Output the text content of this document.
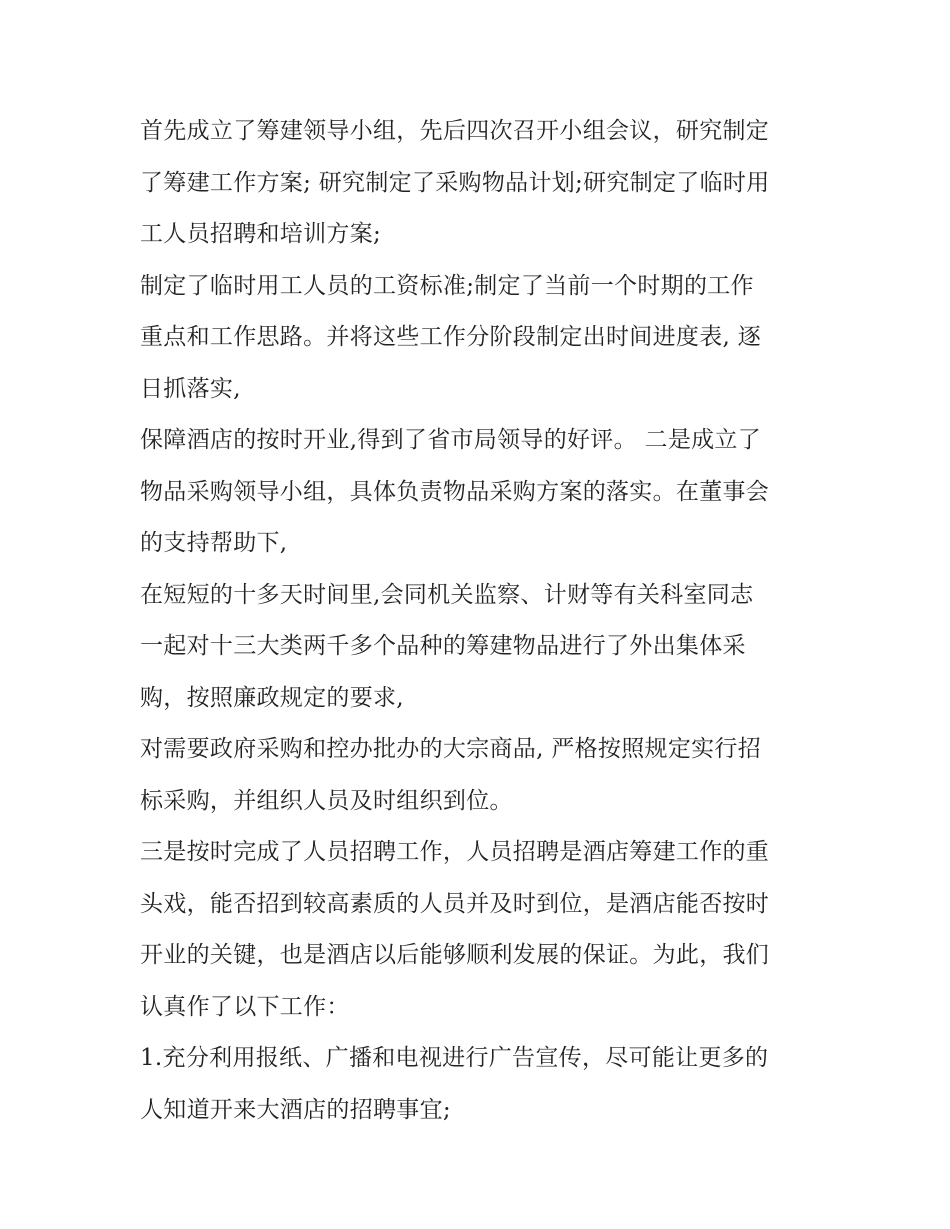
首先成立了筹建领导小组，先后四次召开小组会议，研究制定
了筹建工作方案; 研究制定了采购物品计划;研究制定了临时用
工人员招聘和培训方案;

制定了临时用工人员的工资标准;制定了当前一个时期的工作
重点和工作思路。并将这些工作分阶段制定出时间进度表, 逐
日抓落实,

保障酒店的按时开业,得到了省市局领导的好评。 二是成立了
物品采购领导小组，具体负责物品采购方案的落实。在董事会
的支持帮助下,

在短短的十多天时间里,会同机关监察、计财等有关科室同志
一起对十三大类两千多个品种的筹建物品进行了外出集体采
购，按照廉政规定的要求,

对需要政府采购和控办批办的大宗商品, 严格按照规定实行招
标采购，并组织人员及时组织到位。

三是按时完成了人员招聘工作，人员招聘是酒店筹建工作的重
头戏，能否招到较高素质的人员并及时到位，是酒店能否按时
开业的关键，也是酒店以后能够顺利发展的保证。为此，我们
认真作了以下工作：

1.充分利用报纸、广播和电视进行广告宣传，尽可能让更多的
人知道开来大酒店的招聘事宜;
